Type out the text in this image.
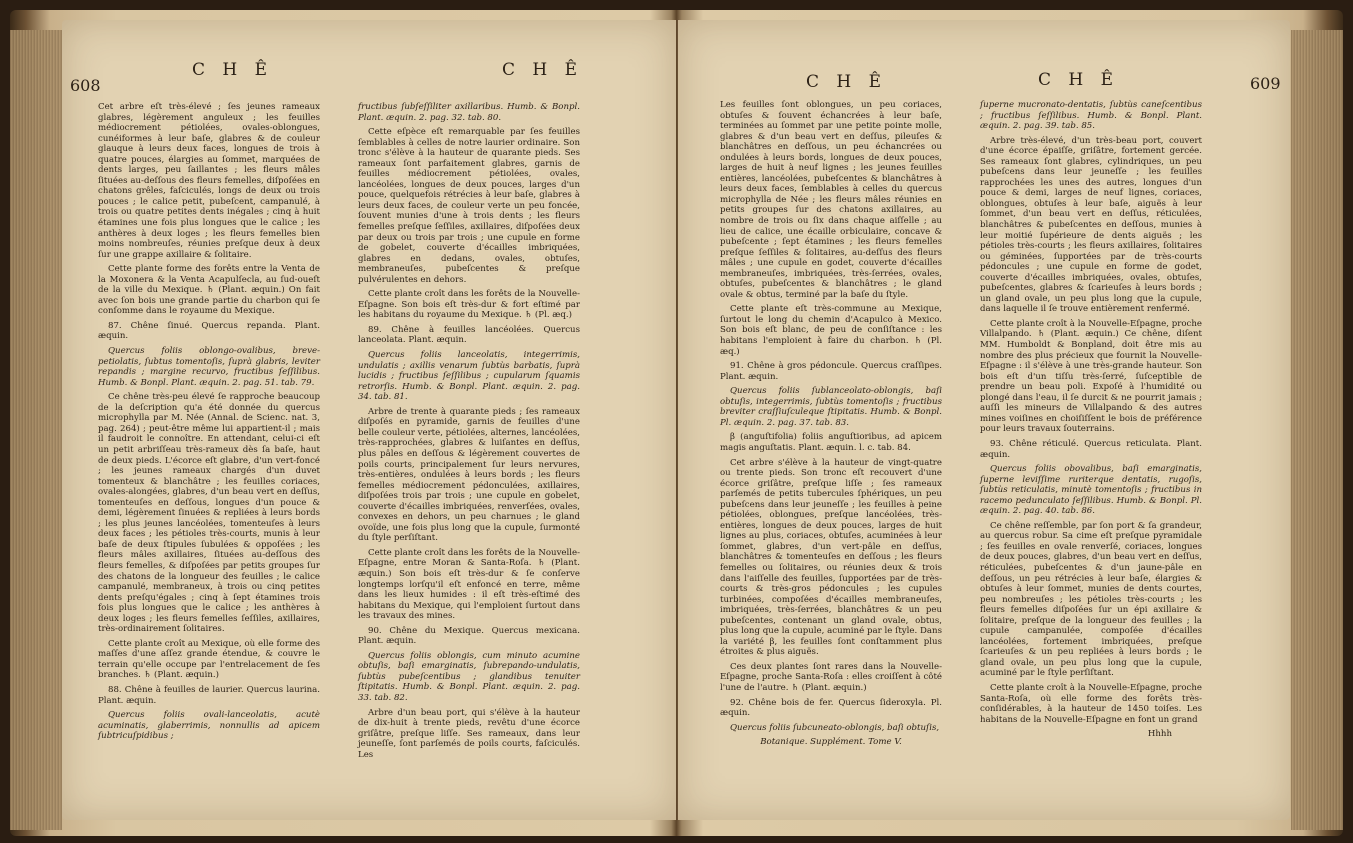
608
C H Ê	C H Ê

Cet arbre eſt très-élevé ; ſes jeunes rameaux glabres, légèrement anguleux ; les feuilles médiocrement pétiolées, ovales-oblongues, cunéiformes à leur baſe, glabres & de couleur glauque à leurs deux faces, longues de trois à quatre pouces, élargies au ſommet, marquées de dents larges, peu ſaillantes ; les fleurs mâles ſituées au-deſſous des fleurs femelles, diſpoſées en chatons grêles, faſciculés, longs de deux ou trois pouces ; le calice petit, pubeſcent, campanulé, à trois ou quatre petites dents inégales ; cinq à huit étamines une fois plus longues que le calice ; les anthères à deux loges ; les fleurs femelles bien moins nombreuſes, réunies preſque deux à deux ſur une grappe axillaire & ſolitaire.

Cette plante forme des forêts entre la Venta de la Moxonera & la Venta Acapulſecla, au ſud-oueſt de la ville du Mexique. ♄ (Plant. æquin.) On fait avec ſon bois une grande partie du charbon qui ſe conſomme dans le royaume du Mexique.

87. Chêne ſinué. Quercus repanda. Plant. æquin.

Quercus foliis oblongo-ovalibus, breve-petiolatis, ſubtus tomentoſis, ſuprà glabris, leviter repandis ; margine recurvo, fructibus ſeſſilibus. Humb. & Bonpl. Plant. æquin. 2. pag. 51. tab. 79.

Ce chêne très-peu élevé ſe rapproche beaucoup de la deſcription qu'a été donnée du quercus microphylla par M. Née (Annal. de Scienc. nat. 3, pag. 264) ; peut-être même lui appartient-il ; mais il faudroit le connoître. En attendant, celui-ci eſt un petit arbriſſeau très-rameux dès ſa baſe, haut de deux pieds. L'écorce eſt glabre, d'un vert-foncé ; les jeunes rameaux chargés d'un duvet tomenteux & blanchâtre ; les feuilles coriaces, ovales-alongées, glabres, d'un beau vert en deſſus, tomenteuſes en deſſous, longues d'un pouce & demi, légèrement ſinuées & repliées à leurs bords ; les plus jeunes lancéolées, tomenteuſes à leurs deux faces ; les pétioles très-courts, munis à leur baſe de deux ſtipules ſubulées & oppoſées ; les fleurs mâles axillaires, ſituées au-deſſous des fleurs femelles, & diſpoſées par petits groupes ſur des chatons de la longueur des feuilles ; le calice campanulé, membraneux, à trois ou cinq petites dents preſqu'égales ; cinq à ſept étamines trois fois plus longues que le calice ; les anthères à deux loges ; les fleurs femelles ſeſſiles, axillaires, très-ordinairement ſolitaires.

Cette plante croît au Mexique, où elle forme des maſſes d'une aſſez grande étendue, & couvre le terrain qu'elle occupe par l'entrelacement de ſes branches. ♄ (Plant. æquin.)

88. Chêne à feuilles de laurier. Quercus laurina. Plant. æquin.

Quercus foliis ovali-lanceolatis, acutè acuminatis, glaberrimis, nonnullis ad apicem ſubtricuſpidibus ;

fructibus ſubſeſſiliter axillaribus. Humb. & Bonpl. Plant. æquin. 2. pag. 32. tab. 80.

Cette eſpèce eſt remarquable par ſes feuilles ſemblables à celles de notre laurier ordinaire. Son tronc s'élève à la hauteur de quarante pieds. Ses rameaux ſont parfaitement glabres, garnis de feuilles médiocrement pétiolées, ovales, lancéolées, longues de deux pouces, larges d'un pouce, quelquefois rétrécies à leur baſe, glabres à leurs deux faces, de couleur verte un peu foncée, ſouvent munies d'une à trois dents ; les fleurs femelles preſque ſeſſiles, axillaires, diſpoſées deux par deux ou trois par trois ; une cupule en forme de gobelet, couverte d'écailles imbriquées, glabres en dedans, ovales, obtuſes, membraneuſes, pubeſcentes & preſque pulvérulentes en dehors.

Cette plante croît dans les forêts de la Nouvelle-Eſpagne. Son bois eſt très-dur & fort eſtimé par les habitans du royaume du Mexique. ♄ (Pl. æq.)

89. Chêne à feuilles lancéolées. Quercus lanceolata. Plant. æquin.

Quercus foliis lanceolatis, integerrimis, undulatis ; axillis venarum ſubtùs barbatis, ſuprà lucidis ; fructibus ſeſſilibus ; cupularum ſquamis retrorſis. Humb. & Bonpl. Plant. æquin. 2. pag. 34. tab. 81.

Arbre de trente à quarante pieds ; ſes rameaux diſpoſés en pyramide, garnis de feuilles d'une belle couleur verte, pétiolées, alternes, lancéolées, très-rapprochées, glabres & luiſantes en deſſus, plus pâles en deſſous & légèrement couvertes de poils courts, principalement ſur leurs nervures, très-entières, ondulées à leurs bords ; les fleurs femelles médiocrement pédonculées, axillaires, diſpoſées trois par trois ; une cupule en gobelet, couverte d'écailles imbriquées, renverſées, ovales, convexes en dehors, un peu charnues ; le gland ovoïde, une fois plus long que la cupule, ſurmonté du ſtyle perſiſtant.

Cette plante croît dans les forêts de la Nouvelle-Eſpagne, entre Moran & Santa-Roſa. ♄ (Plant. æquin.) Son bois eſt très-dur & ſe conſerve longtemps lorſqu'il eſt enfoncé en terre, même dans les lieux humides : il eſt très-eſtimé des habitans du Mexique, qui l'emploient ſurtout dans les travaux des mines.

90. Chêne du Mexique. Quercus mexicana. Plant. æquin.

Quercus foliis oblongis, cum minuto acumine obtuſis, baſi emarginatis, ſubrepando-undulatis, ſubtùs pubeſcentibus ; glandibus tenuiter ſtipitatis. Humb. & Bonpl. Plant. æquin. 2. pag. 33. tab. 82.

Arbre d'un beau port, qui s'élève à la hauteur de dix-huit à trente pieds, revêtu d'une écorce griſâtre, preſque liſſe. Ses rameaux, dans leur jeuneſſe, ſont parſemés de poils courts, faſciculés. Les

C H Ê	C H Ê	609

Les feuilles ſont oblongues, un peu coriaces, obtuſes & ſouvent échancrées à leur baſe, terminées au ſommet par une petite pointe molle, glabres & d'un beau vert en deſſus, pileuſes & blanchâtres en deſſous, un peu échancrées ou ondulées à leurs bords, longues de deux pouces, larges de huit à neuf lignes ; les jeunes feuilles entières, lancéolées, pubeſcentes & blanchâtres à leurs deux faces, ſemblables à celles du quercus microphylla de Née ; les fleurs mâles réunies en petits groupes ſur des chatons axillaires, au nombre de trois ou ſix dans chaque aiſſelle ; au lieu de calice, une écaille orbiculaire, concave & pubeſcente ; ſept étamines ; les fleurs femelles preſque ſeſſiles & ſolitaires, au-deſſus des fleurs mâles ; une cupule en godet, couverte d'écailles membraneuſes, imbriquées, très-ſerrées, ovales, obtuſes, pubeſcentes & blanchâtres ; le gland ovale & obtus, terminé par la baſe du ſtyle.

Cette plante eſt très-commune au Mexique, ſurtout le long du chemin d'Acapulco à Mexico. Son bois eſt blanc, de peu de conſiſtance : les habitans l'emploient à faire du charbon. ♄ (Pl. æq.)

91. Chêne à gros pédoncule. Quercus craſſipes. Plant. æquin.

Quercus foliis ſublanceolato-oblongis, baſi obtuſis, integerrimis, ſubtùs tomentoſis ; fructibus breviter craſſiuſculeque ſtipitatis. Humb. & Bonpl. Pl. æquin. 2. pag. 37. tab. 83.

β (anguſtifolia) foliis anguſtioribus, ad apicem magis anguſtatis. Plant. æquin. l. c. tab. 84.

Cet arbre s'élève à la hauteur de vingt-quatre ou trente pieds. Son tronc eſt recouvert d'une écorce griſâtre, preſque liſſe ; ſes rameaux parſemés de petits tubercules ſphériques, un peu pubeſcens dans leur jeuneſſe ; les feuilles à peine pétiolées, oblongues, preſque lancéolées, très-entières, longues de deux pouces, larges de huit lignes au plus, coriaces, obtuſes, acuminées à leur ſommet, glabres, d'un vert-pâle en deſſus, blanchâtres & tomenteuſes en deſſous ; les fleurs femelles ou ſolitaires, ou réunies deux & trois dans l'aiſſelle des feuilles, ſupportées par de très-courts & très-gros pédoncules ; les cupules turbinées, compoſées d'écailles membraneuſes, imbriquées, très-ſerrées, blanchâtres & un peu pubeſcentes, contenant un gland ovale, obtus, plus long que la cupule, acuminé par le ſtyle. Dans la variété β, les feuilles ſont conſtamment plus étroites & plus aiguës.

Ces deux plantes ſont rares dans la Nouvelle-Eſpagne, proche Santa-Roſa : elles croiſſent à côté l'une de l'autre. ♄ (Plant. æquin.)

92. Chêne bois de fer. Quercus ſideroxyla. Pl. æquin.

Quercus foliis ſubcuneato-oblongis, baſi obtuſis,

Botanique. Supplément. Tome V.

ſuperne mucronato-dentatis, ſubtùs caneſcentibus ; fructibus ſeſſilibus. Humb. & Bonpl. Plant. æquin. 2. pag. 39. tab. 85.

Arbre très-élevé, d'un très-beau port, couvert d'une écorce épaiſſe, griſâtre, fortement gercée. Ses rameaux ſont glabres, cylindriques, un peu pubeſcens dans leur jeuneſſe ; les feuilles rapprochées les unes des autres, longues d'un pouce & demi, larges de neuf lignes, coriaces, oblongues, obtuſes à leur baſe, aiguës à leur ſommet, d'un beau vert en deſſus, réticulées, blanchâtres & pubeſcentes en deſſous, munies à leur moitié ſupérieure de dents aiguës ; les pétioles très-courts ; les fleurs axillaires, ſolitaires ou géminées, ſupportées par de très-courts pédoncules ; une cupule en forme de godet, couverte d'écailles imbriquées, ovales, obtuſes, pubeſcentes, glabres & ſcarieuſes à leurs bords ; un gland ovale, un peu plus long que la cupule, dans laquelle il ſe trouve entièrement renfermé.

Cette plante croît à la Nouvelle-Eſpagne, proche Villalpando. ♄ (Plant. æquin.) Ce chêne, diſent MM. Humboldt & Bonpland, doit être mis au nombre des plus précieux que fournit la Nouvelle-Eſpagne : il s'élève à une très-grande hauteur. Son bois eſt d'un tiſſu très-ſerré, ſuſceptible de prendre un beau poli. Expoſé à l'humidité ou plongé dans l'eau, il ſe durcit & ne pourrit jamais ; auſſi les mineurs de Villalpando & des autres mines voiſines en choiſiſſent le bois de préférence pour leurs travaux ſouterrains.

93. Chêne réticulé. Quercus reticulata. Plant. æquin.

Quercus foliis obovalibus, baſi emarginatis, ſuperne leviſſime ruriterque dentatis, rugoſis, ſubtùs reticulatis, minutè tomentoſis ; fructibus in racemo pedunculato ſeſſilibus. Humb. & Bonpl. Pl. æquin. 2. pag. 40. tab. 86.

Ce chêne reſſemble, par ſon port & ſa grandeur, au quercus robur. Sa cime eſt preſque pyramidale ; ſes feuilles en ovale renverſé, coriaces, longues de deux pouces, glabres, d'un beau vert en deſſus, réticulées, pubeſcentes & d'un jaune-pâle en deſſous, un peu rétrécies à leur baſe, élargies & obtuſes à leur ſommet, munies de dents courtes, peu nombreuſes ; les pétioles très-courts ; les fleurs femelles diſpoſées ſur un épi axillaire & ſolitaire, preſque de la longueur des feuilles ; la cupule campanulée, compoſée d'écailles lancéolées, fortement imbriquées, preſque ſcarieuſes & un peu repliées à leurs bords ; le gland ovale, un peu plus long que la cupule, acuminé par le ſtyle perſiſtant.

Cette plante croît à la Nouvelle-Eſpagne, proche Santa-Roſa, où elle forme des forêts très-conſidérables, à la hauteur de 1450 toiſes. Les habitans de la Nouvelle-Eſpagne en font un grand

Hhhh
